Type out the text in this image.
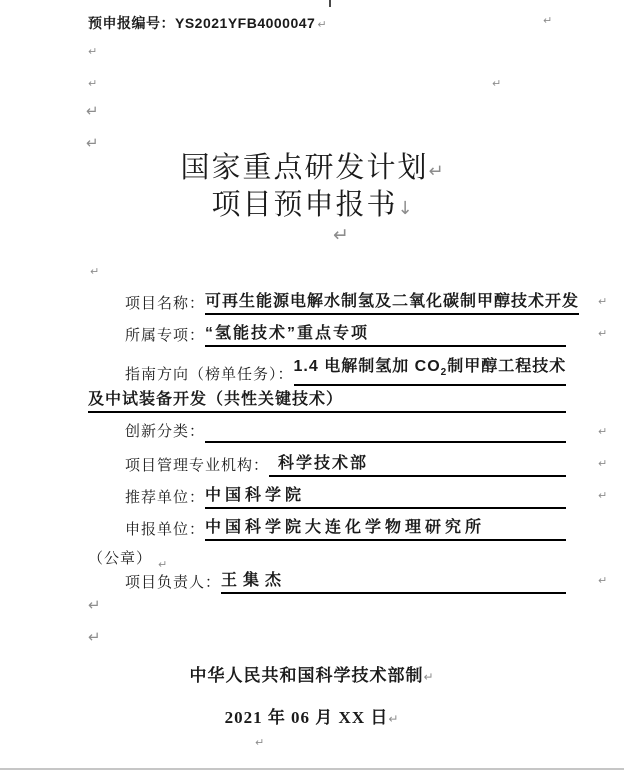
预申报编号：YS2021YFB4000047 ↵	↵
↵
↵	↵
↵
↵
国家重点研发计划↵
项目预申报书↓
↵
↵
项目名称： 可再生能源电解水制氢及二氧化碳制甲醇技术开发 ↵
所属专项： “氢能技术”重点专项	↵
指南方向（榜单任务）： 1.4 电解制氢加 $CO_2$制甲醇工程技术
及中试装备开发（共性关键技术）
创新分类：	↵
项目管理专业机构： 科学技术部	↵
推荐单位： 中国科学院	↵
申报单位： 中国科学院大连化学物理研究所
（公章） ↵
项目负责人： 王集杰	↵
↵
↵
中华人民共和国科学技术部制↵
2021 年 06 月 XX 日↵
↵
